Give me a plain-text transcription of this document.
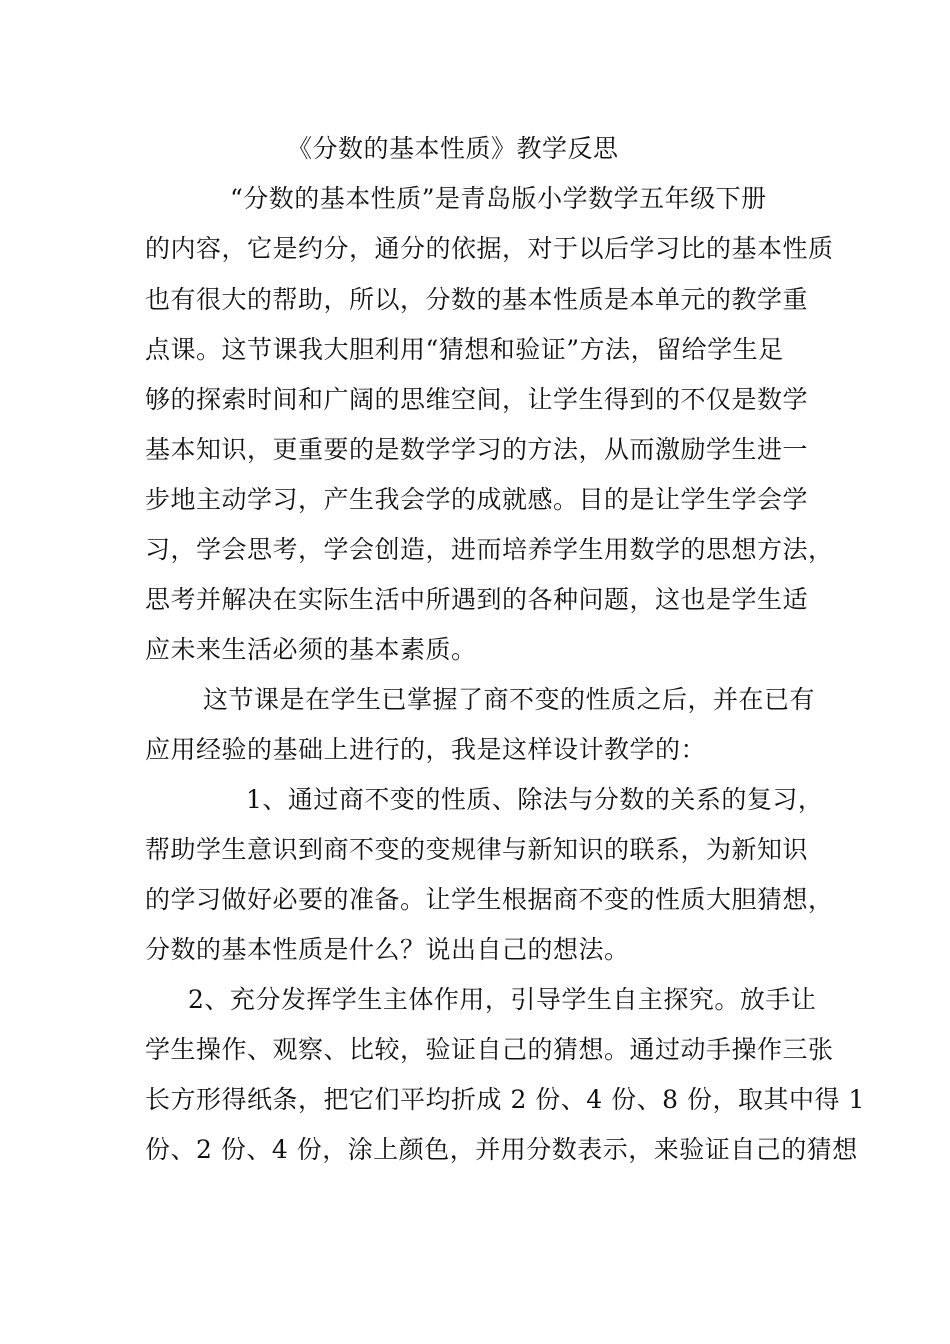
《分数的基本性质》教学反思
“分数的基本性质”是青岛版小学数学五年级下册
的内容，它是约分，通分的依据，对于以后学习比的基本性质
也有很大的帮助，所以，分数的基本性质是本单元的教学重
点课。这节课我大胆利用“猜想和验证”方法，留给学生足
够的探索时间和广阔的思维空间，让学生得到的不仅是数学
基本知识，更重要的是数学学习的方法，从而激励学生进一
步地主动学习，产生我会学的成就感。目的是让学生学会学
习，学会思考，学会创造，进而培养学生用数学的思想方法，
思考并解决在实际生活中所遇到的各种问题，这也是学生适
应未来生活必须的基本素质。
这节课是在学生已掌握了商不变的性质之后，并在已有
应用经验的基础上进行的，我是这样设计教学的：
1、通过商不变的性质、除法与分数的关系的复习，
帮助学生意识到商不变的变规律与新知识的联系，为新知识
的学习做好必要的准备。让学生根据商不变的性质大胆猜想，
分数的基本性质是什么？说出自己的想法。
2、充分发挥学生主体作用，引导学生自主探究。放手让
学生操作、观察、比较，验证自己的猜想。通过动手操作三张
长方形得纸条，把它们平均折成 2 份、4 份、8 份，取其中得 1
份、2 份、4 份，涂上颜色，并用分数表示，来验证自己的猜想
